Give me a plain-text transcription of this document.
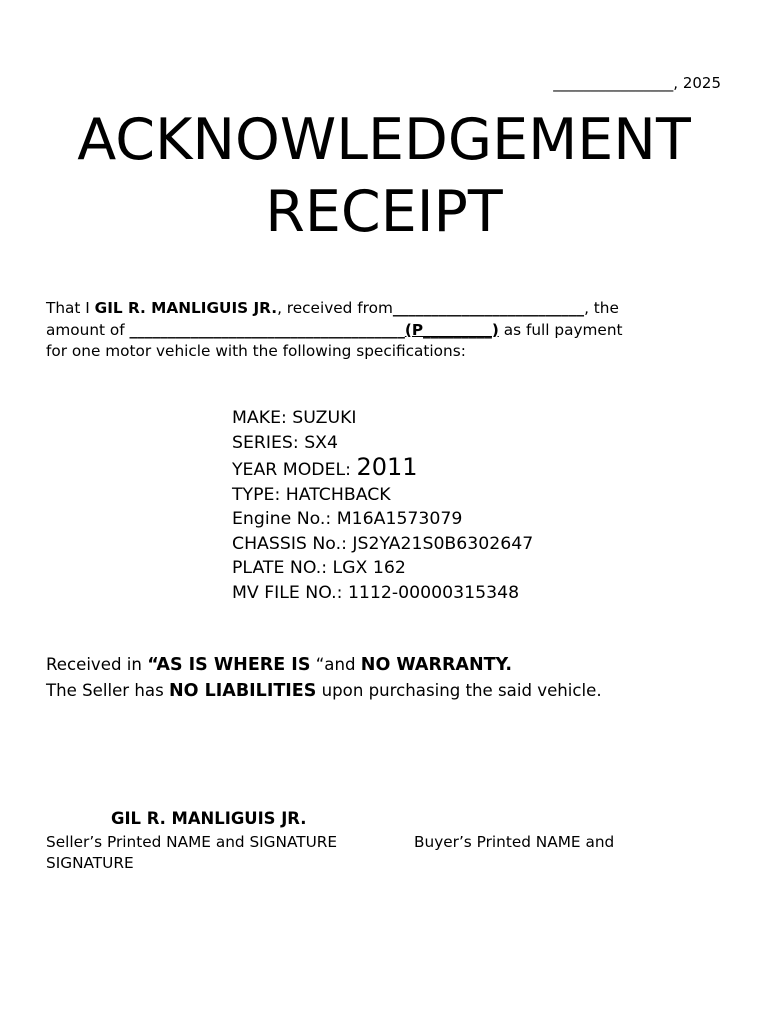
________________, 2025
ACKNOWLEDGEMENT
RECEIPT
That I GIL R. MANLIGUIS JR., received from_________________________, the
amount of ____________________________________(P_________) as full payment
for one motor vehicle with the following specifications:
MAKE: SUZUKI
SERIES: SX4
YEAR MODEL: 2011
TYPE: HATCHBACK
Engine No.: M16A1573079
CHASSIS No.: JS2YA21S0B6302647
PLATE NO.: LGX 162
MV FILE NO.: 1112-00000315348
Received in “AS IS WHERE IS “and NO WARRANTY.
The Seller has NO LIABILITIES upon purchasing the said vehicle.
GIL R. MANLIGUIS JR.
Seller’s Printed NAME and SIGNATURE	Buyer’s Printed NAME and
SIGNATURE
